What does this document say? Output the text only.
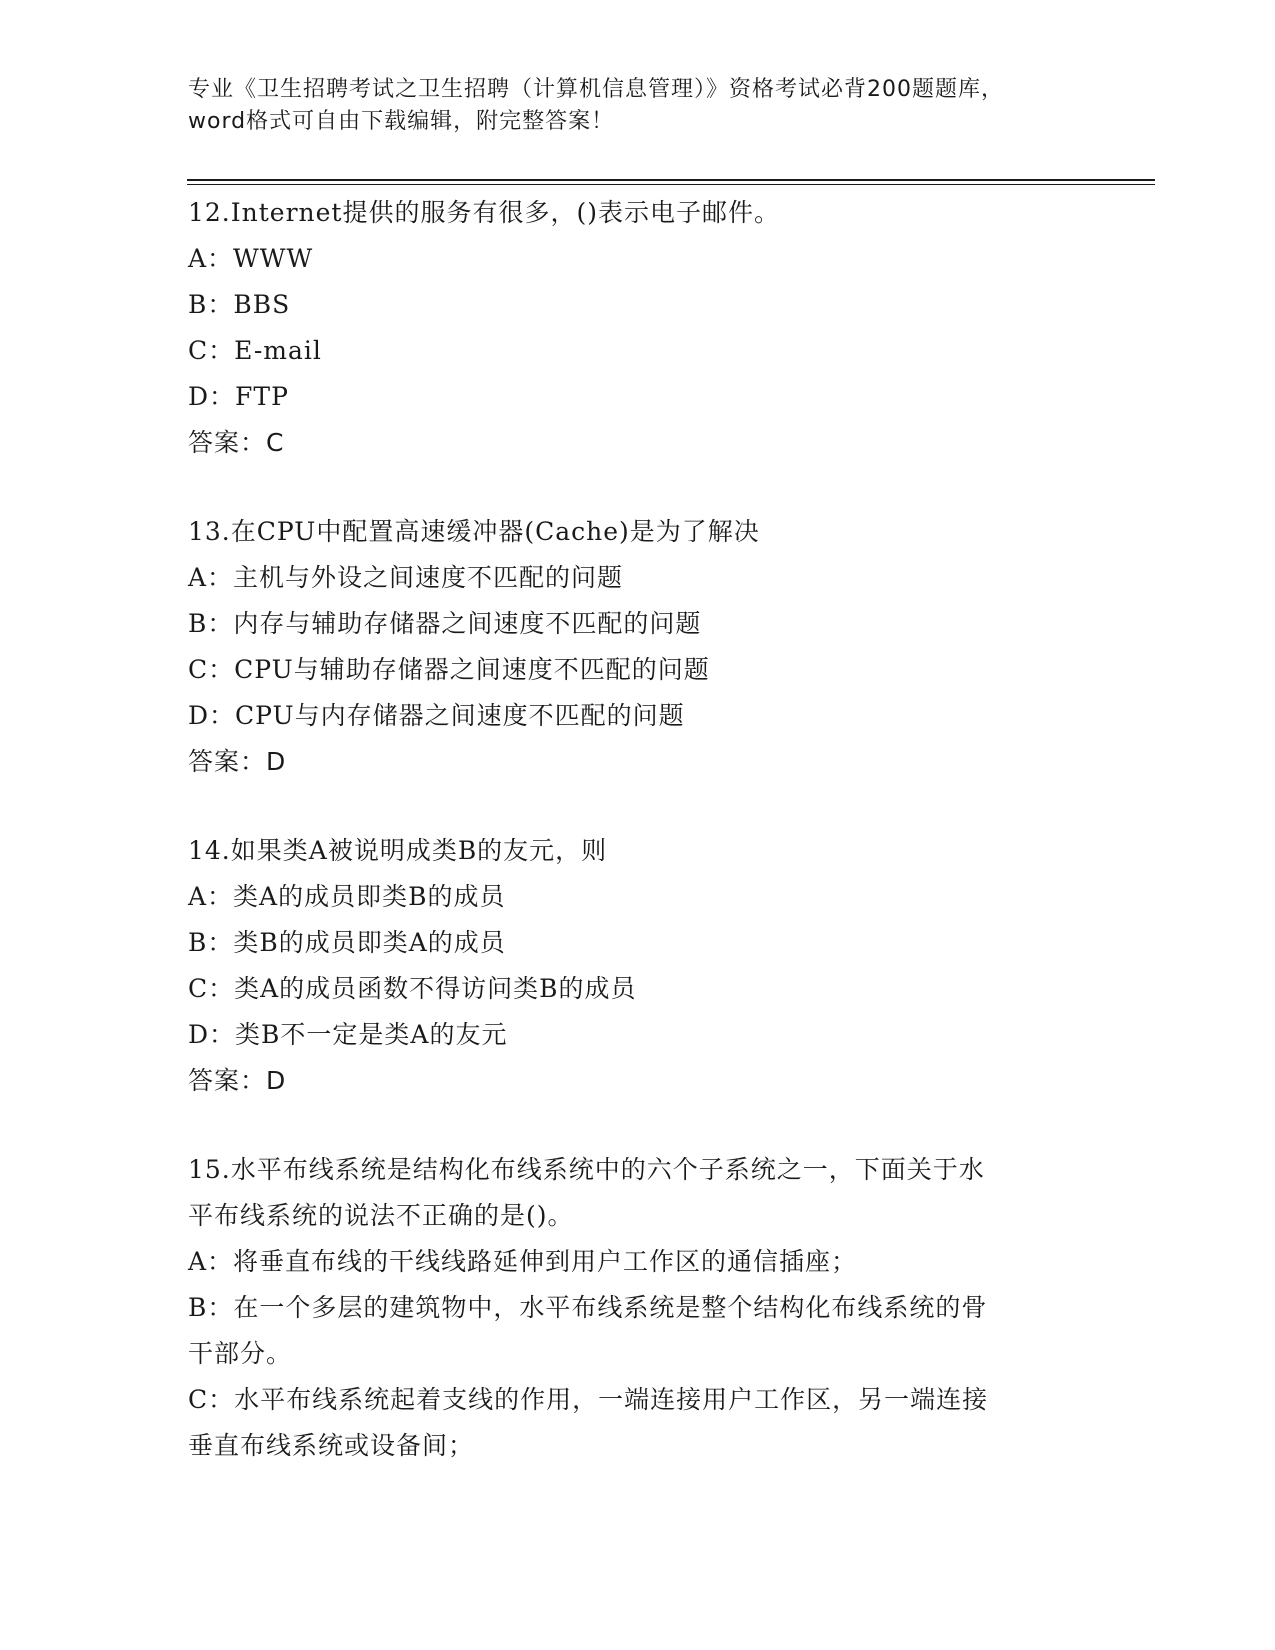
专业《卫生招聘考试之卫生招聘（计算机信息管理）》资格考试必背200题题库，
word格式可自由下载编辑，附完整答案！
12.Internet提供的服务有很多，()表示电子邮件。
A：WWW
B：BBS
C：E-mail
D：FTP
答案：C
13.在CPU中配置高速缓冲器(Cache)是为了解决
A：主机与外设之间速度不匹配的问题
B：内存与辅助存储器之间速度不匹配的问题
C：CPU与辅助存储器之间速度不匹配的问题
D：CPU与内存储器之间速度不匹配的问题
答案：D
14.如果类A被说明成类B的友元，则
A：类A的成员即类B的成员
B：类B的成员即类A的成员
C：类A的成员函数不得访问类B的成员
D：类B不一定是类A的友元
答案：D
15.水平布线系统是结构化布线系统中的六个子系统之一，下面关于水
平布线系统的说法不正确的是()。
A：将垂直布线的干线线路延伸到用户工作区的通信插座；
B：在一个多层的建筑物中，水平布线系统是整个结构化布线系统的骨
干部分。
C：水平布线系统起着支线的作用，一端连接用户工作区，另一端连接
垂直布线系统或设备间；
